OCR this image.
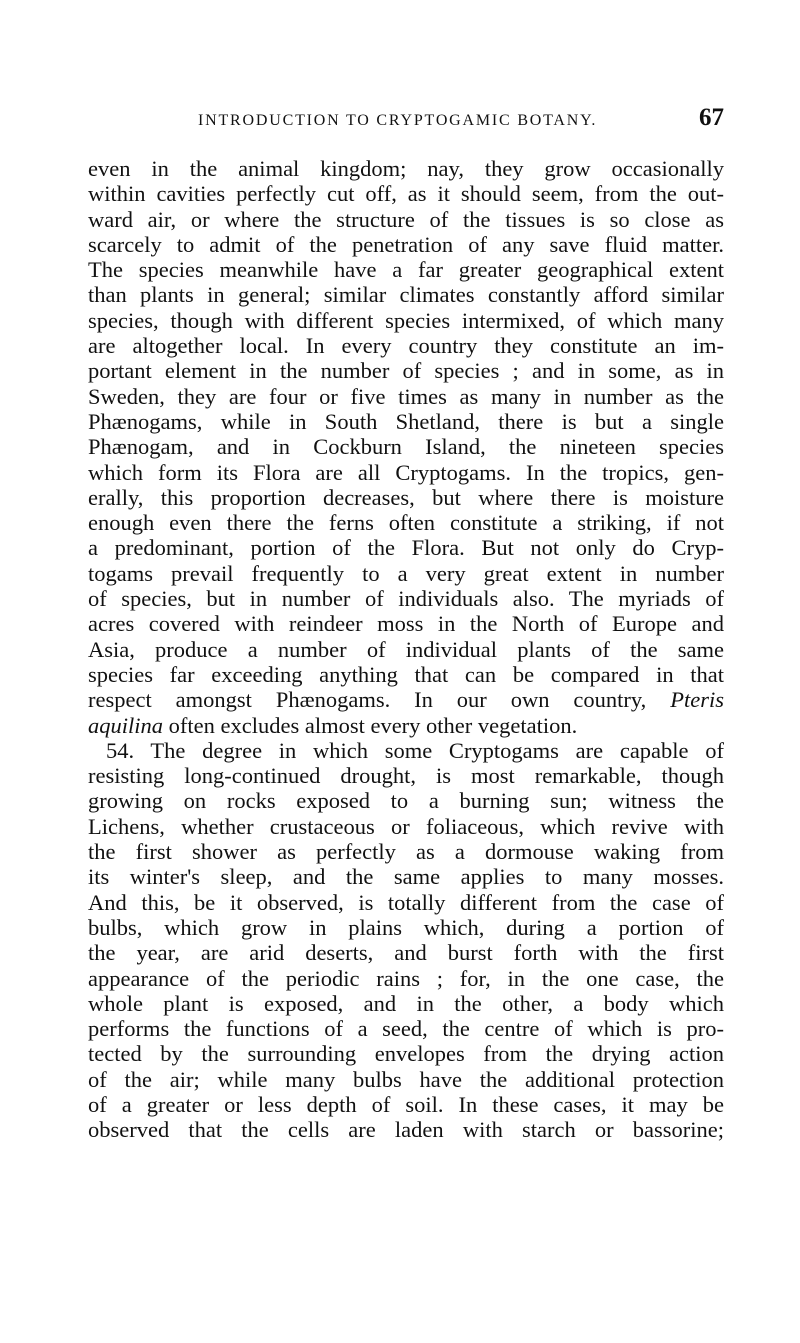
INTRODUCTION TO CRYPTOGAMIC BOTANY.	67
even in the animal kingdom; nay, they grow occasionally
within cavities perfectly cut off, as it should seem, from the out-
ward air, or where the structure of the tissues is so close as
scarcely to admit of the penetration of any save fluid matter.
The species meanwhile have a far greater geographical extent
than plants in general; similar climates constantly afford similar
species, though with different species intermixed, of which many
are altogether local. In every country they constitute an im-
portant element in the number of species ; and in some, as in
Sweden, they are four or five times as many in number as the
Phænogams, while in South Shetland, there is but a single
Phænogam, and in Cockburn Island, the nineteen species
which form its Flora are all Cryptogams. In the tropics, gen-
erally, this proportion decreases, but where there is moisture
enough even there the ferns often constitute a striking, if not
a predominant, portion of the Flora. But not only do Cryp-
togams prevail frequently to a very great extent in number
of species, but in number of individuals also. The myriads of
acres covered with reindeer moss in the North of Europe and
Asia, produce a number of individual plants of the same
species far exceeding anything that can be compared in that
respect amongst Phænogams. In our own country, Pteris
aquilina often excludes almost every other vegetation.
54. The degree in which some Cryptogams are capable of
resisting long-continued drought, is most remarkable, though
growing on rocks exposed to a burning sun; witness the
Lichens, whether crustaceous or foliaceous, which revive with
the first shower as perfectly as a dormouse waking from
its winter's sleep, and the same applies to many mosses.
And this, be it observed, is totally different from the case of
bulbs, which grow in plains which, during a portion of
the year, are arid deserts, and burst forth with the first
appearance of the periodic rains ; for, in the one case, the
whole plant is exposed, and in the other, a body which
performs the functions of a seed, the centre of which is pro-
tected by the surrounding envelopes from the drying action
of the air; while many bulbs have the additional protection
of a greater or less depth of soil. In these cases, it may be
observed that the cells are laden with starch or bassorine;
